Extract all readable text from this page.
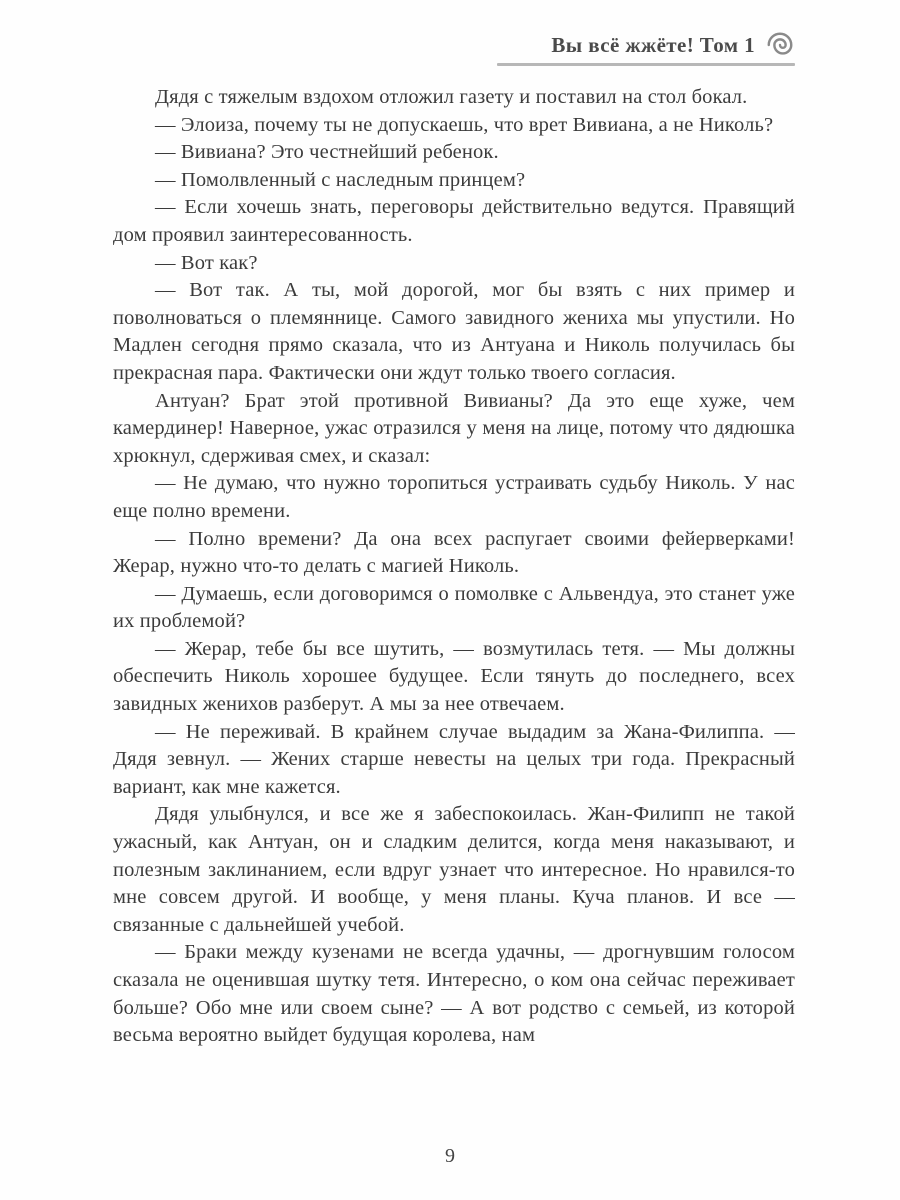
Вы всё жжёте! Том 1

Дядя с тяжелым вздохом отложил газету и поставил на стол бокал.

— Элоиза, почему ты не допускаешь, что врет Вивиана, а не Николь?

— Вивиана? Это честнейший ребенок.

— Помолвленный с наследным принцем?

— Если хочешь знать, переговоры действительно ведутся. Правящий дом проявил заинтересованность.

— Вот как?

— Вот так. А ты, мой дорогой, мог бы взять с них пример и поволноваться о племяннице. Самого завидного жениха мы упустили. Но Мадлен сегодня прямо сказала, что из Антуана и Николь получилась бы прекрасная пара. Фактически они ждут только твоего согласия.

Антуан? Брат этой противной Вивианы? Да это еще хуже, чем камердинер! Наверное, ужас отразился у меня на лице, потому что дядюшка хрюкнул, сдерживая смех, и сказал:

— Не думаю, что нужно торопиться устраивать судьбу Николь. У нас еще полно времени.

— Полно времени? Да она всех распугает своими фейерверками! Жерар, нужно что-то делать с магией Николь.

— Думаешь, если договоримся о помолвке с Альвендуа, это станет уже их проблемой?

— Жерар, тебе бы все шутить, — возмутилась тетя. — Мы должны обеспечить Николь хорошее будущее. Если тянуть до последнего, всех завидных женихов разберут. А мы за нее отвечаем.

— Не переживай. В крайнем случае выдадим за Жана-Филиппа. — Дядя зевнул. — Жених старше невесты на целых три года. Прекрасный вариант, как мне кажется.

Дядя улыбнулся, и все же я забеспокоилась. Жан-Филипп не такой ужасный, как Антуан, он и сладким делится, когда меня наказывают, и полезным заклинанием, если вдруг узнает что интересное. Но нравился-то мне совсем другой. И вообще, у меня планы. Куча планов. И все — связанные с дальнейшей учебой.

— Браки между кузенами не всегда удачны, — дрогнувшим голосом сказала не оценившая шутку тетя. Интересно, о ком она сейчас переживает больше? Обо мне или своем сыне? — А вот родство с семьей, из которой весьма вероятно выйдет будущая королева, нам

9
